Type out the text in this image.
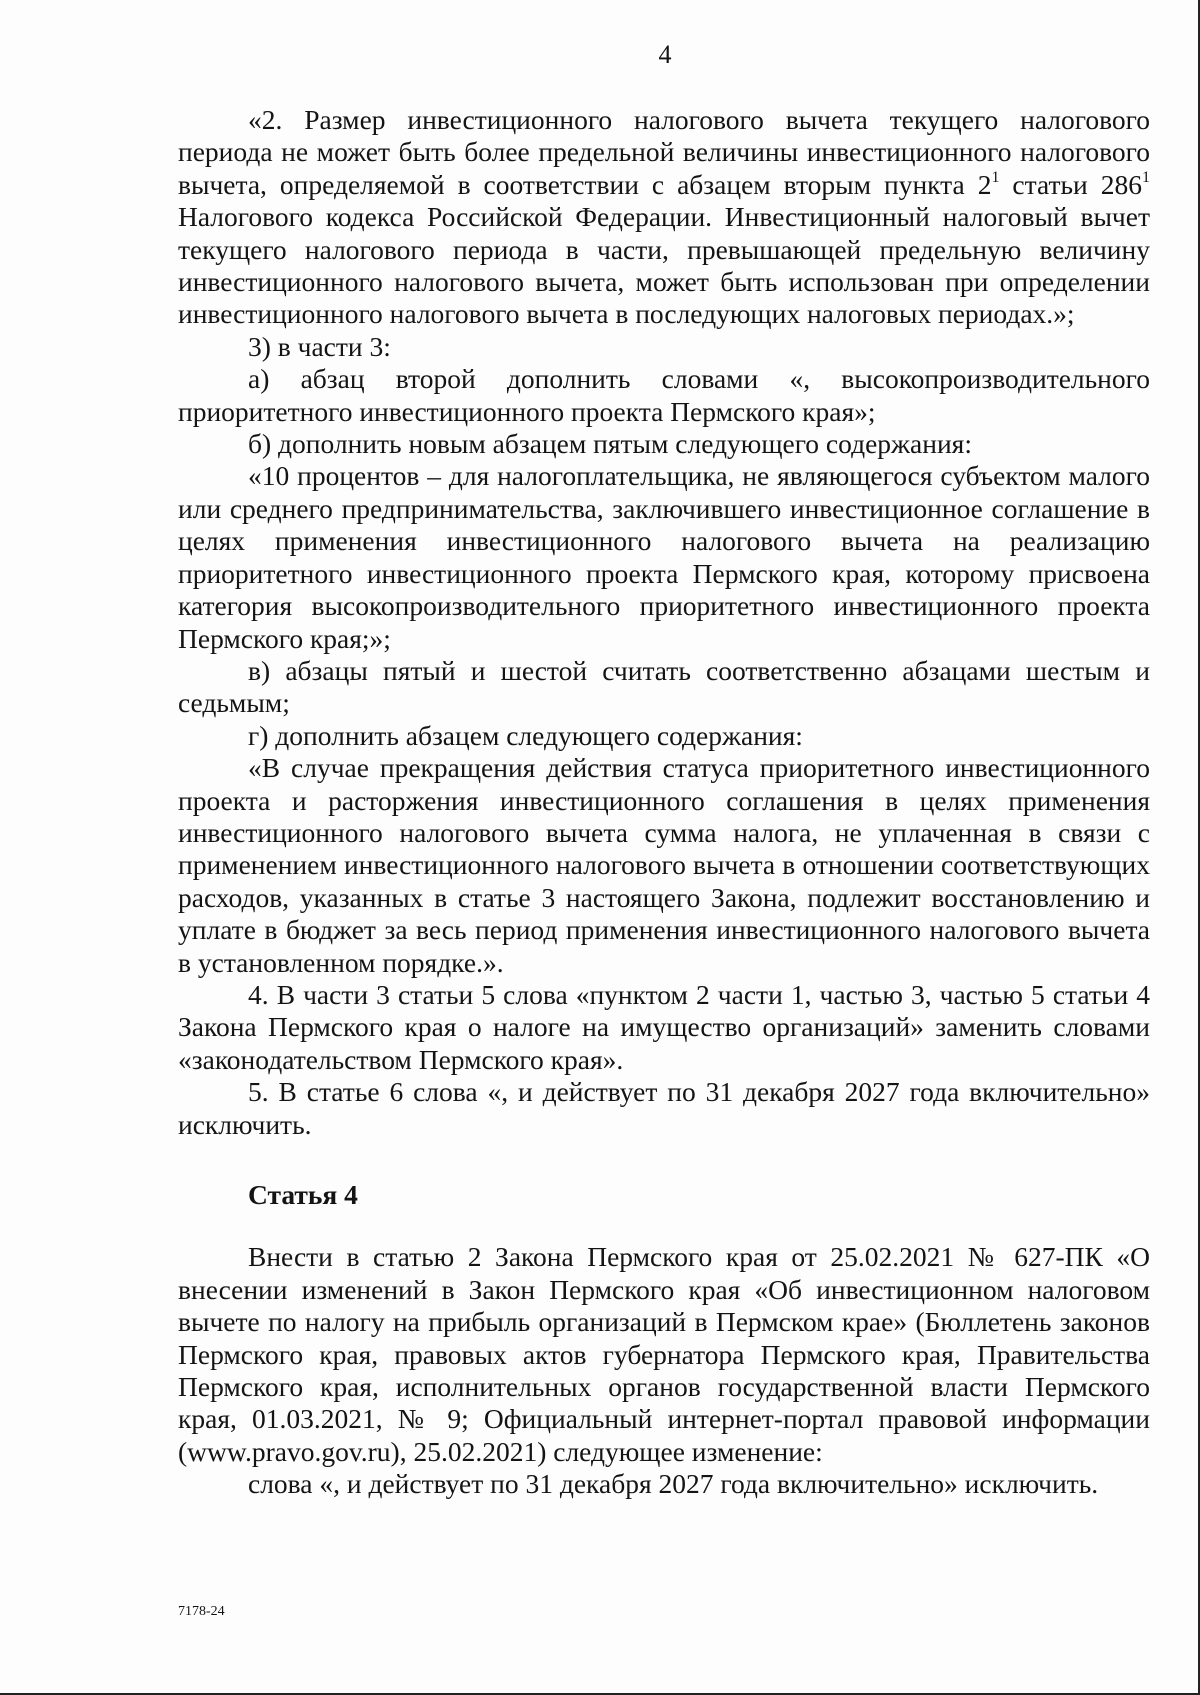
4

«2. Размер инвестиционного налогового вычета текущего налогового периода не может быть более предельной величины инвестиционного налогового вычета, определяемой в соответствии с абзацем вторым пункта $2^1$ статьи $286^1$ Налогового кодекса Российской Федерации. Инвестиционный налоговый вычет текущего налогового периода в части, превышающей предельную величину инвестиционного налогового вычета, может быть использован при определении инвестиционного налогового вычета в последующих налоговых периодах.»;

3) в части 3:

а) абзац второй дополнить словами «, высокопроизводительного приоритетного инвестиционного проекта Пермского края»;

б) дополнить новым абзацем пятым следующего содержания:

«10 процентов – для налогоплательщика, не являющегося субъектом малого или среднего предпринимательства, заключившего инвестиционное соглашение в целях применения инвестиционного налогового вычета на реализацию приоритетного инвестиционного проекта Пермского края, которому присвоена категория высокопроизводительного приоритетного инвестиционного проекта Пермского края;»;

в) абзацы пятый и шестой считать соответственно абзацами шестым и седьмым;

г) дополнить абзацем следующего содержания:

«В случае прекращения действия статуса приоритетного инвестиционного проекта и расторжения инвестиционного соглашения в целях применения инвестиционного налогового вычета сумма налога, не уплаченная в связи с применением инвестиционного налогового вычета в отношении соответствующих расходов, указанных в статье 3 настоящего Закона, подлежит восстановлению и уплате в бюджет за весь период применения инвестиционного налогового вычета в установленном порядке.».

4. В части 3 статьи 5 слова «пунктом 2 части 1, частью 3, частью 5 статьи 4 Закона Пермского края о налоге на имущество организаций» заменить словами «законодательством Пермского края».

5. В статье 6 слова «, и действует по 31 декабря 2027 года включительно» исключить.

Статья 4

Внести в статью 2 Закона Пермского края от 25.02.2021 № 627-ПК «О внесении изменений в Закон Пермского края «Об инвестиционном налоговом вычете по налогу на прибыль организаций в Пермском крае» (Бюллетень законов Пермского края, правовых актов губернатора Пермского края, Правительства Пермского края, исполнительных органов государственной власти Пермского края, 01.03.2021, № 9; Официальный интернет-портал правовой информации (www.pravo.gov.ru), 25.02.2021) следующее изменение:

слова «, и действует по 31 декабря 2027 года включительно» исключить.

7178-24
